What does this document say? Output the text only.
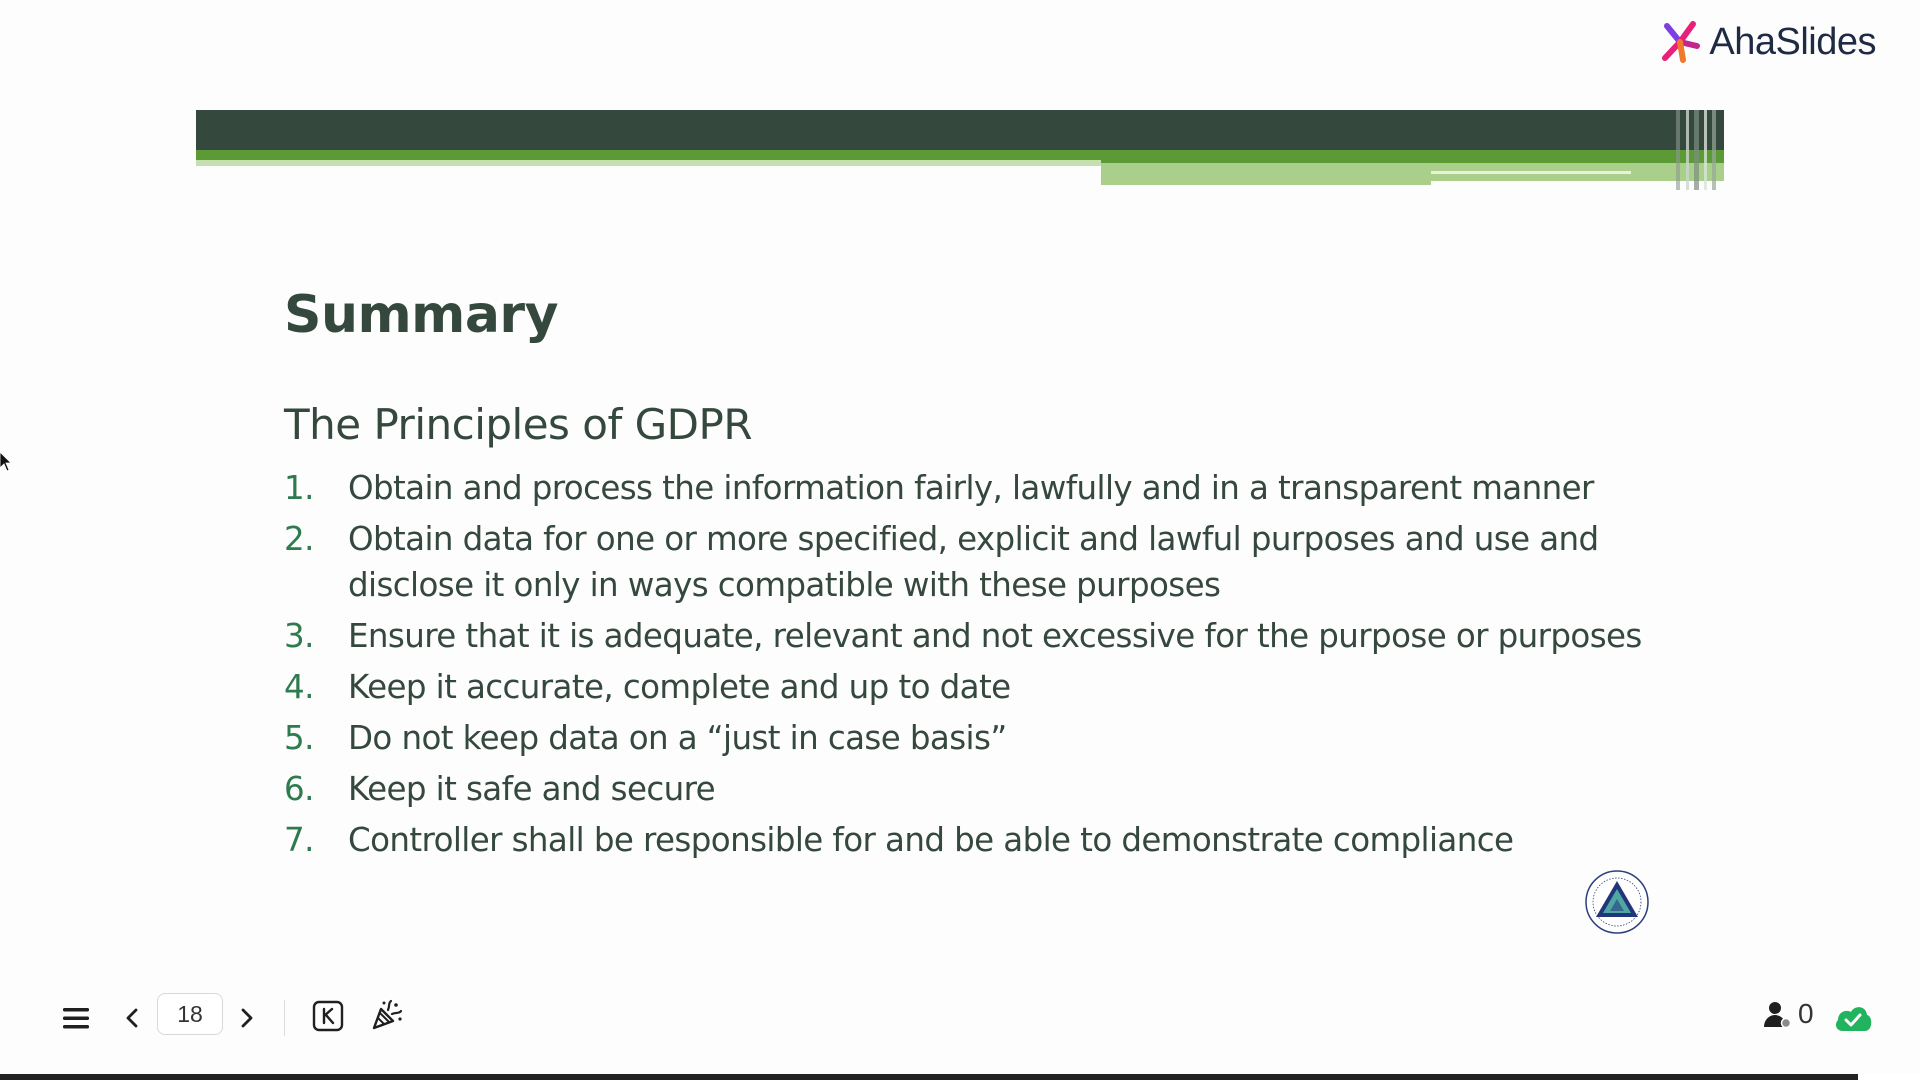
AhaSlides
Summary
The Principles of GDPR
1.	Obtain and process the information fairly, lawfully and in a transparent manner
2.	Obtain data for one or more specified, explicit and lawful purposes and use and disclose it only in ways compatible with these purposes
3.	Ensure that it is adequate, relevant and not excessive for the purpose or purposes
4.	Keep it accurate, complete and up to date
5.	Do not keep data on a “just in case basis”
6.	Keep it safe and secure
7.	Controller shall be responsible for and be able to demonstrate compliance
18	0
